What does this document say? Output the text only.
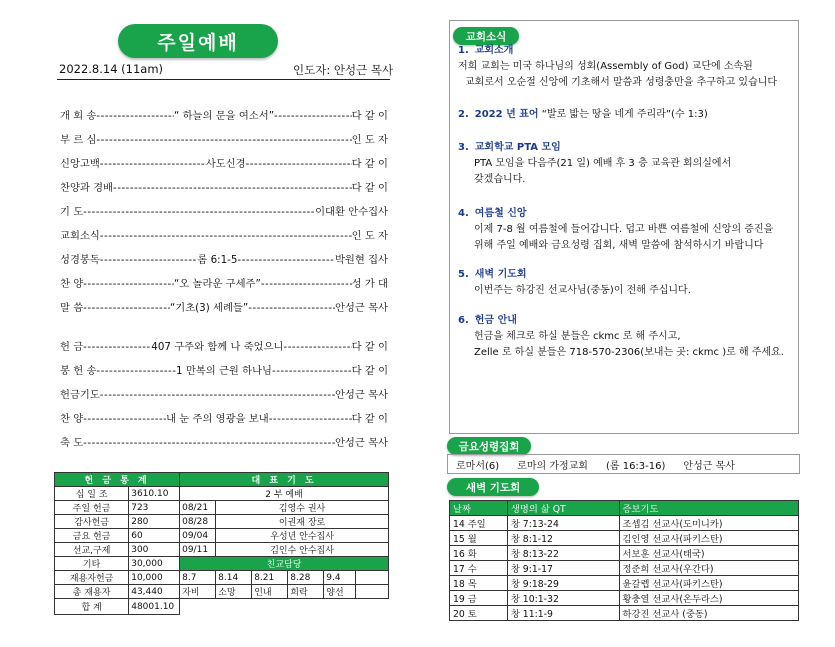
주일예배
2022.8.14 (11am)	인도자: 안성근 목사
개 회 송 -----	“ 하늘의 문을 여소서” -----	다 같 이
부 르 심 -----	인 도 자
신앙고백 -----	사도신경 -----	다 같 이
찬양과 경배 -----	다 같 이
기 도 -----	이대환 안수집사
교회소식 -----	인 도 자
성경봉독 -----	롬 6:1-5 -----	박원현 집사
찬 양 -----	“오 놀라운 구세주” -----	성 가 대
말 씀 -----	“기초(3) 세례들” -----	안성근 목사
헌 금 -----	407 구주와 함께 나 죽었으니 -----	다 같 이
봉 헌 송 -----	1 만복의 근원 하나님 -----	다 같 이
헌금기도 -----	안성근 목사
찬 양 -----	내 눈 주의 영광을 보내 -----	다 같 이
축 도 -----	안성근 목사
헌 금 통 계		대 표 기 도					
십 일 조	3610.10	2 부 예배					
주일 헌금	723	08/21	김영수 권사				
감사헌금	280	08/28	이권재 장로				
금요 헌금	60	09/04	우성년 안수집사				
선교,구제	300	09/11	김인수 안수집사				
기타	30,000	친교담당					
재용자헌금	10,000	8.7	8.14	8.21	8.28	9.4	
총 재용자	43,440	자비	소망	인내	희락	양선	
합 계	48001.10						
교회소식
1. 교회소개
저희 교회는 미국 하나님의 성회(Assembly of God) 교단에 소속된
교회로서 오순절 신앙에 기초해서 말씀과 성령충만을 추구하고 있습니다
2. 2022 년 표어 “발로 밟는 땅을 네게 주리라”(수 1:3)
3. 교회학교 PTA 모임
PTA 모임을 다음주(21 일) 예배 후 3 층 교육관 회의실에서
갖겠습니다.
4. 여름철 신앙
이제 7-8 월 여름철에 들어갑니다. 덥고 바쁜 여름철에 신앙의 증진을
위해 주일 예배와 금요성령 집회, 새벽 말씀에 참석하시기 바랍니다
5. 새벽 기도회
이번주는 하강진 선교사님(중동)이 전해 주십니다.
6. 헌금 안내
헌금을 체크로 하실 분들은 ckmc 로 해 주시고,
Zelle 로 하실 분들은 718-570-2306(보내는 곳: ckmc )로 해 주세요.
금요성령집회
로마서(6) 로마의 가정교회 (롬 16:3-16) 안성근 목사
새벽 기도회
날짜	생명의 삶 QT	증보기도
14 주일	창 7:13-24	조셉김 선교사(도미니카)
15 월	창 8:1-12	김인영 선교사(파키스탄)
16 화	창 8:13-22	서보훈 선교사(태국)
17 수	창 9:1-17	정준희 선교사(우간다)
18 목	창 9:18-29	윤갈렙 선교사(파키스탄)
19 금	창 10:1-32	황충열 선교사(온두라스)
20 토	창 11:1-9	하강진 선교사 (중동)
